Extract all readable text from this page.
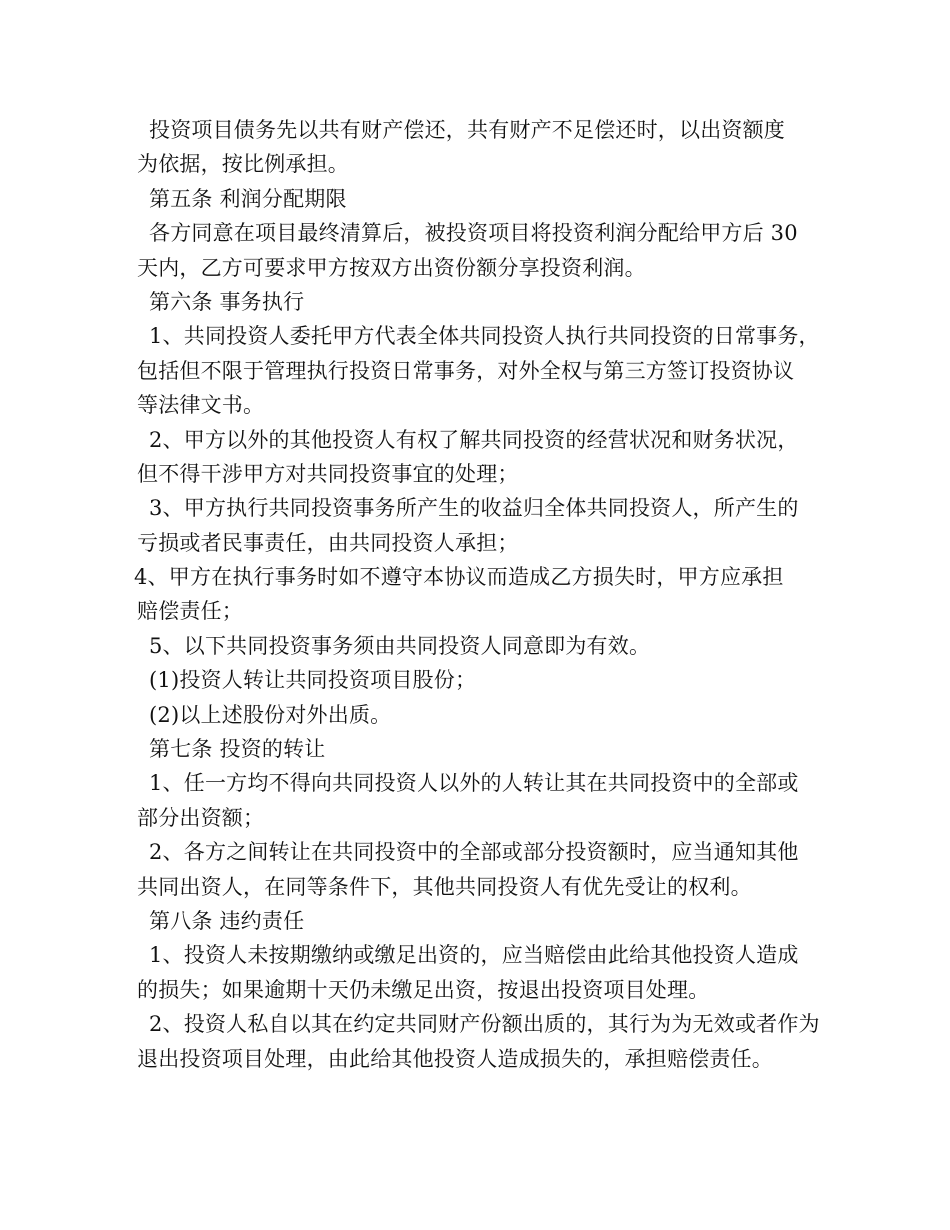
投资项目债务先以共有财产偿还，共有财产不足偿还时，以出资额度
为依据，按比例承担。
第五条 利润分配期限
各方同意在项目最终清算后，被投资项目将投资利润分配给甲方后 30
天内，乙方可要求甲方按双方出资份额分享投资利润。
第六条 事务执行
1、共同投资人委托甲方代表全体共同投资人执行共同投资的日常事务，
包括但不限于管理执行投资日常事务，对外全权与第三方签订投资协议
等法律文书。
2、甲方以外的其他投资人有权了解共同投资的经营状况和财务状况，
但不得干涉甲方对共同投资事宜的处理；
3、甲方执行共同投资事务所产生的收益归全体共同投资人，所产生的
亏损或者民事责任，由共同投资人承担；
4、甲方在执行事务时如不遵守本协议而造成乙方损失时，甲方应承担
赔偿责任；
5、以下共同投资事务须由共同投资人同意即为有效。
(1)投资人转让共同投资项目股份；
(2)以上述股份对外出质。
第七条 投资的转让
1、任一方均不得向共同投资人以外的人转让其在共同投资中的全部或
部分出资额；
2、各方之间转让在共同投资中的全部或部分投资额时，应当通知其他
共同出资人，在同等条件下，其他共同投资人有优先受让的权利。
第八条 违约责任
1、投资人未按期缴纳或缴足出资的，应当赔偿由此给其他投资人造成
的损失；如果逾期十天仍未缴足出资，按退出投资项目处理。
2、投资人私自以其在约定共同财产份额出质的，其行为为无效或者作为
退出投资项目处理，由此给其他投资人造成损失的，承担赔偿责任。
